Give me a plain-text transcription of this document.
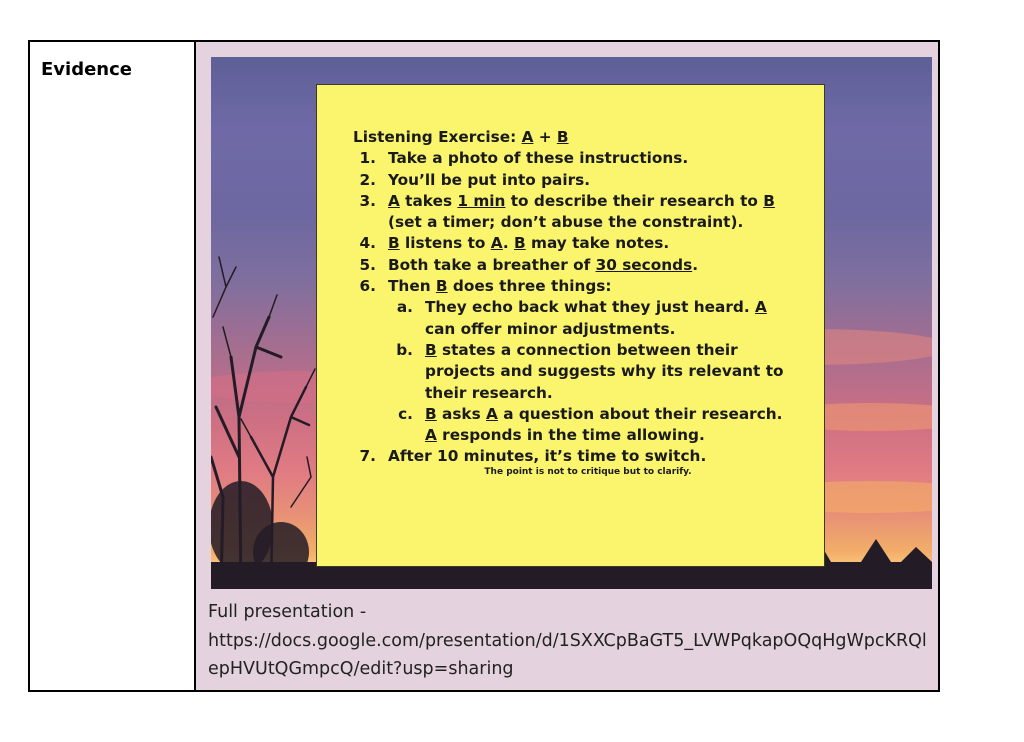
Evidence
Listening Exercise: A + B
1. Take a photo of these instructions.
2. You’ll be put into pairs.
3. A takes 1 min to describe their research to B
(set a timer; don’t abuse the constraint).
4. B listens to A. B may take notes.
5. Both take a breather of 30 seconds.
6. Then B does three things:
a. They echo back what they just heard. A
can offer minor adjustments.
b. B states a connection between their projects and suggests why its relevant to their research.
c. B asks A a question about their research. A responds in the time allowing.
7. After 10 minutes, it’s time to switch.
The point is not to critique but to clarify.
Full presentation -
https://docs.google.com/presentation/d/1SXXCpBaGT5_LVWPqkapOQqHgWpcKRQlepHVUtQGmpcQ/edit?usp=sharing
